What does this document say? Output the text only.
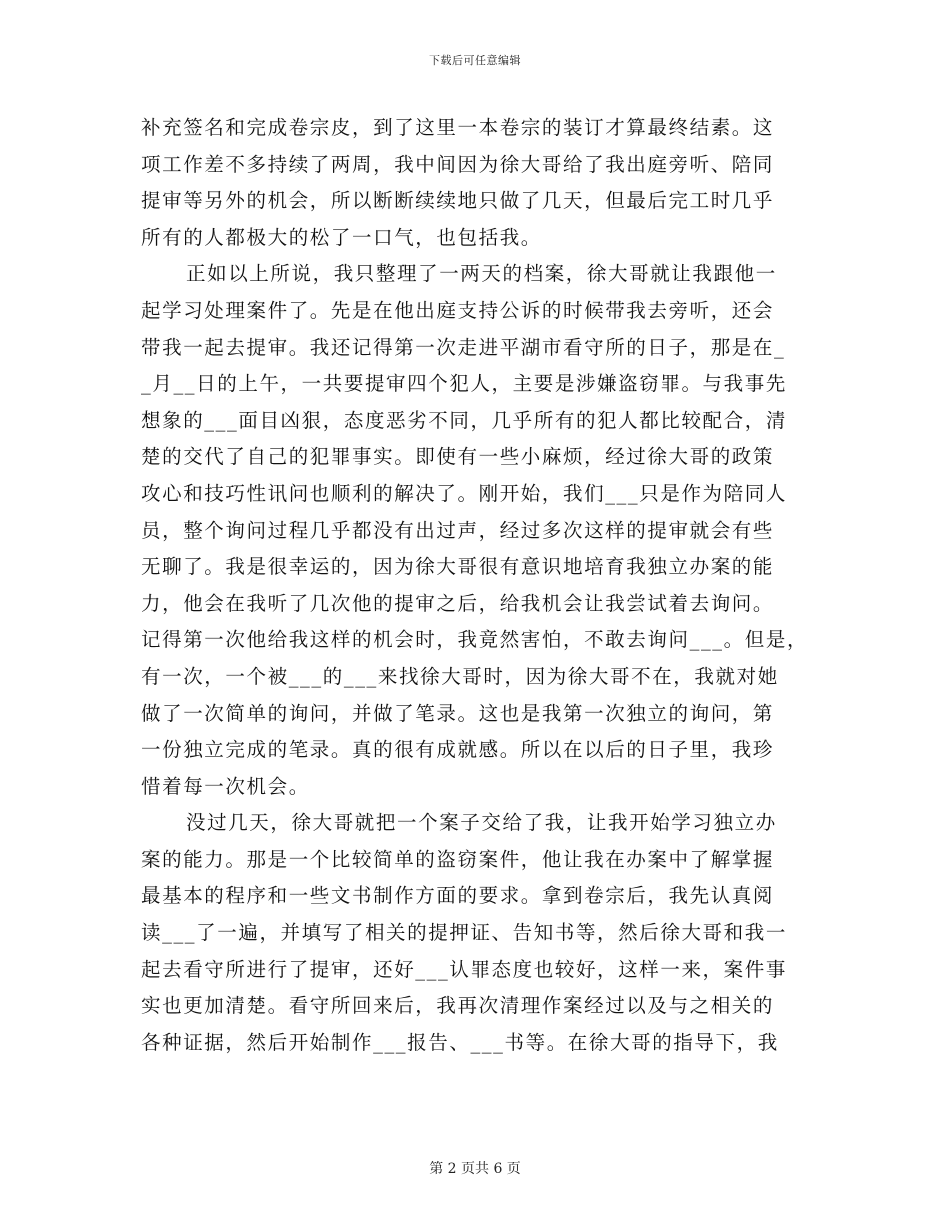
下载后可任意编辑
补充签名和完成卷宗皮，到了这里一本卷宗的装订才算最终结素。这
项工作差不多持续了两周，我中间因为徐大哥给了我出庭旁听、陪同
提审等另外的机会，所以断断续续地只做了几天，但最后完工时几乎
所有的人都极大的松了一口气，也包括我。
正如以上所说，我只整理了一两天的档案，徐大哥就让我跟他一
起学习处理案件了。先是在他出庭支持公诉的时候带我去旁听，还会
带我一起去提审。我还记得第一次走进平湖市看守所的日子，那是在_
_月__日的上午，一共要提审四个犯人，主要是涉嫌盗窃罪。与我事先
想象的___面目凶狠，态度恶劣不同，几乎所有的犯人都比较配合，清
楚的交代了自己的犯罪事实。即使有一些小麻烦，经过徐大哥的政策
攻心和技巧性讯问也顺利的解决了。刚开始，我们___只是作为陪同人
员，整个询问过程几乎都没有出过声，经过多次这样的提审就会有些
无聊了。我是很幸运的，因为徐大哥很有意识地培育我独立办案的能
力，他会在我听了几次他的提审之后，给我机会让我尝试着去询问。
记得第一次他给我这样的机会时，我竟然害怕，不敢去询问___。但是，
有一次，一个被___的___来找徐大哥时，因为徐大哥不在，我就对她
做了一次简单的询问，并做了笔录。这也是我第一次独立的询问，第
一份独立完成的笔录。真的很有成就感。所以在以后的日子里，我珍
惜着每一次机会。
没过几天，徐大哥就把一个案子交给了我，让我开始学习独立办
案的能力。那是一个比较简单的盗窃案件，他让我在办案中了解掌握
最基本的程序和一些文书制作方面的要求。拿到卷宗后，我先认真阅
读___了一遍，并填写了相关的提押证、告知书等，然后徐大哥和我一
起去看守所进行了提审，还好___认罪态度也较好，这样一来，案件事
实也更加清楚。看守所回来后，我再次清理作案经过以及与之相关的
各种证据，然后开始制作___报告、___书等。在徐大哥的指导下，我
第 2 页共 6 页
